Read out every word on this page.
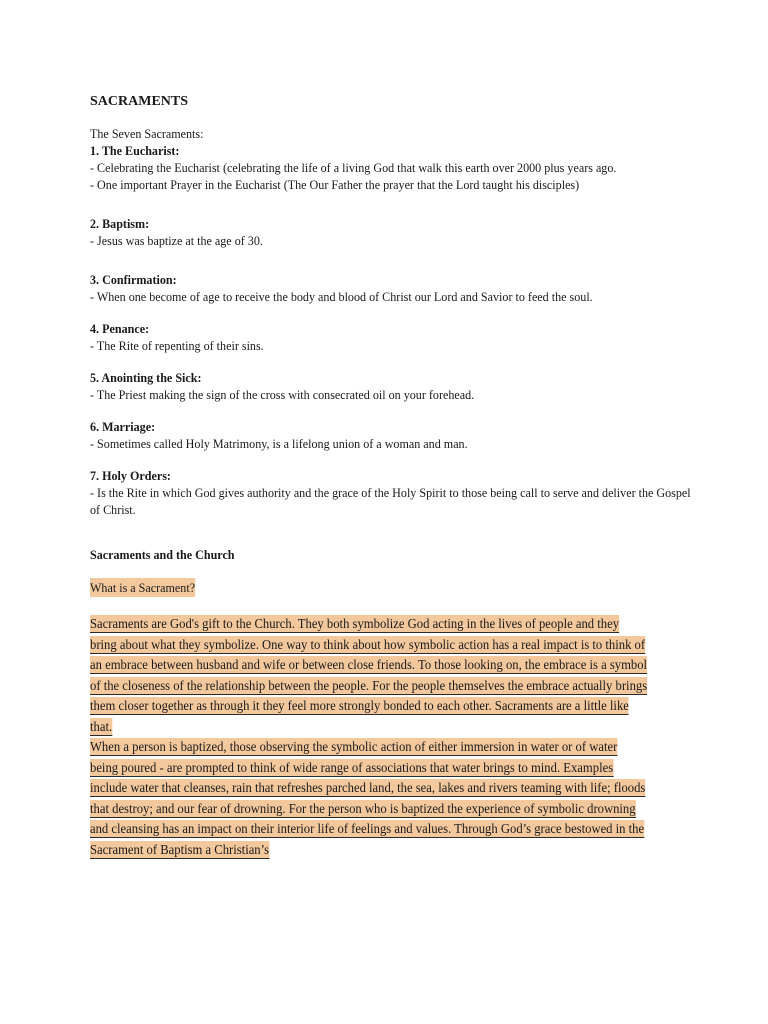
SACRAMENTS

The Seven Sacraments:

1. The Eucharist:

- Celebrating the Eucharist (celebrating the life of a living God that walk this earth over 2000 plus years ago.

- One important Prayer in the Eucharist (The Our Father the prayer that the Lord taught his disciples)

2. Baptism:

- Jesus was baptize at the age of 30.

3. Confirmation:

- When one become of age to receive the body and blood of Christ our Lord and Savior to feed the soul.

4. Penance:

- The Rite of repenting of their sins.

5. Anointing the Sick:

- The Priest making the sign of the cross with consecrated oil on your forehead.

6. Marriage:

- Sometimes called Holy Matrimony, is a lifelong union of a woman and man.

7. Holy Orders:

- Is the Rite in which God gives authority and the grace of the Holy Spirit to those being call to serve and deliver the Gospel of Christ.

Sacraments and the Church
What is a Sacrament?

Sacraments are God's gift to the Church. They both symbolize God acting in the lives of people and they bring about what they symbolize. One way to think about how symbolic action has a real impact is to think of an embrace between husband and wife or between close friends. To those looking on, the embrace is a symbol of the closeness of the relationship between the people. For the people themselves the embrace actually brings them closer together as through it they feel more strongly bonded to each other. Sacraments are a little like that.

When a person is baptized, those observing the symbolic action of either immersion in water or of water being poured - are prompted to think of wide range of associations that water brings to mind. Examples include water that cleanses, rain that refreshes parched land, the sea, lakes and rivers teaming with life; floods that destroy; and our fear of drowning. For the person who is baptized the experience of symbolic drowning and cleansing has an impact on their interior life of feelings and values. Through God’s grace bestowed in the Sacrament of Baptism a Christian’s
